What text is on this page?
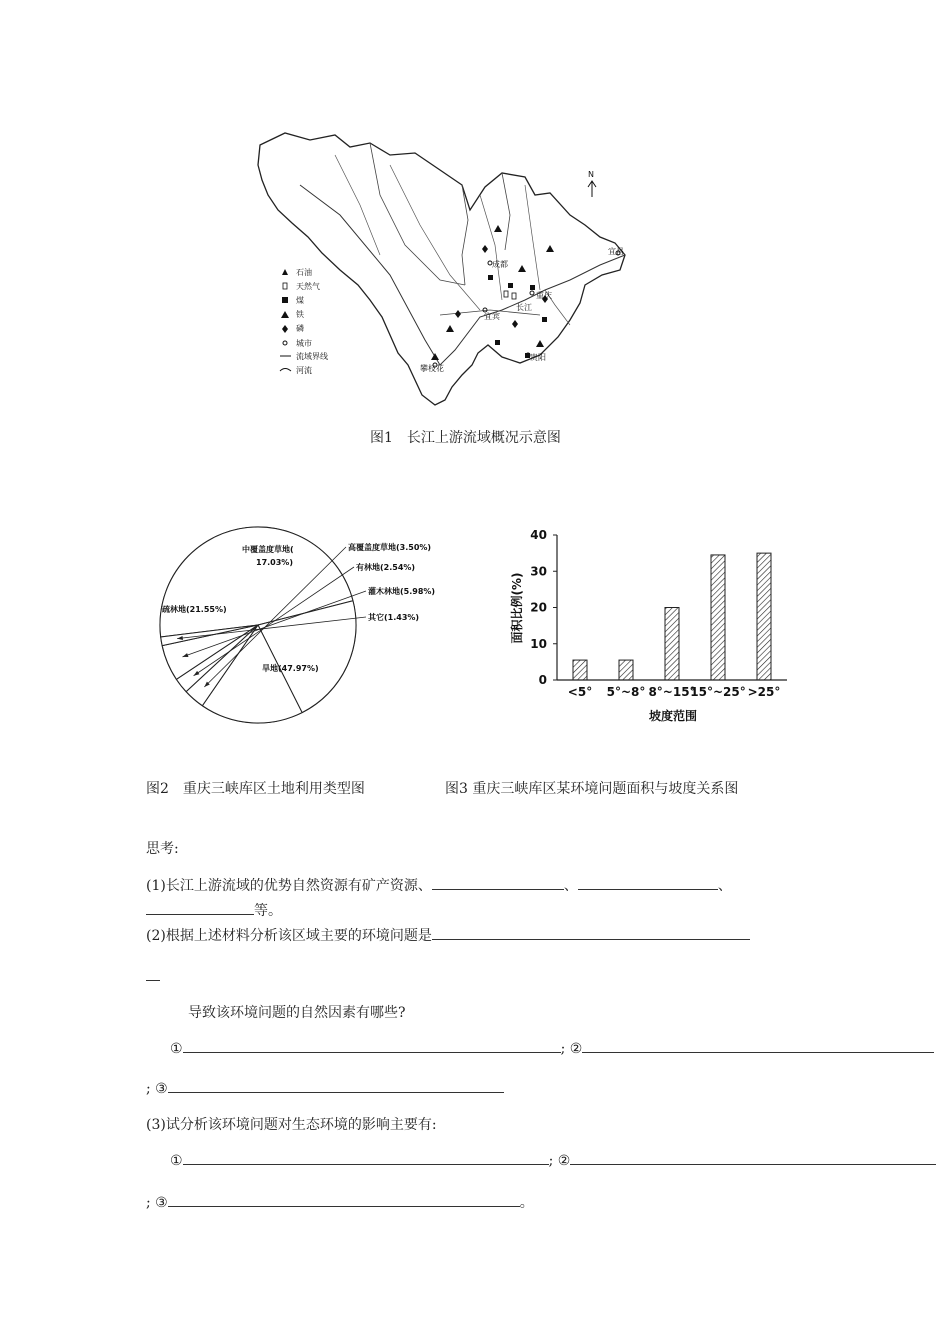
N
成都
重庆
宜宾
攀枝花
贵阳
宜昌
长江
石油
天然气
煤
铁
磷
城市
流域界线
河流
图1　长江上游流域概况示意图
旱地(47.97%)
疏林地(21.55%)
中覆盖度草地(
17.03%)
高覆盖度草地(3.50%)
有林地(2.54%)
灌木林地(5.98%)
其它(1.43%)	面积比例(%)
坡度范围
0
10
20
30
40
<5° 5°~8° 8°~15°
15°~25° >25°
图2　重庆三峡库区土地利用类型图	图3 重庆三峡库区某环境问题面积与坡度关系图
思考:
(1)长江上游流域的优势自然资源有矿产资源、	、	、
等。
(2)根据上述材料分析该区域主要的环境问题是
导致该环境问题的自然因素有哪些?
①	; ②
; ③
(3)试分析该环境问题对生态环境的影响主要有:
①	; ②
; ③	。
